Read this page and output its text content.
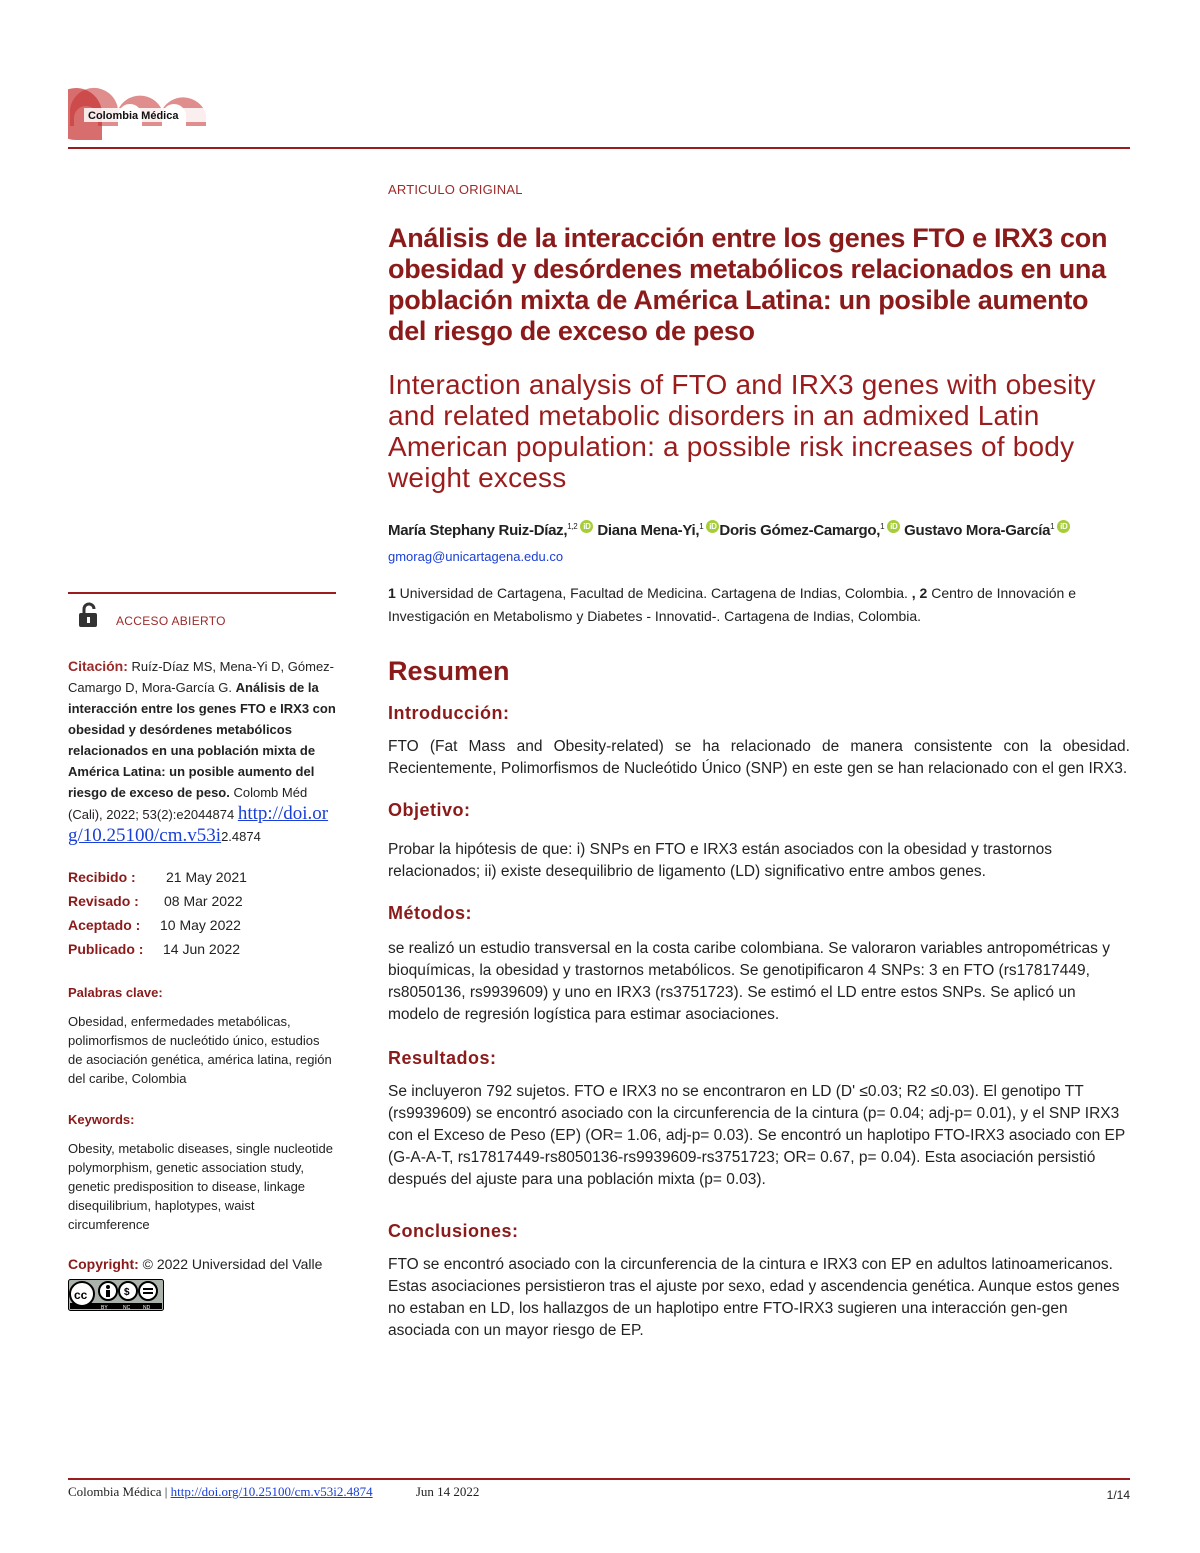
Colombia Médica
ARTICULO ORIGINAL
Análisis de la interacción entre los genes FTO e IRX3 con obesidad y desórdenes metabólicos relacionados en una población mixta de América Latina: un posible aumento del riesgo de exceso de peso
Interaction analysis of FTO and IRX3 genes with obesity and related metabolic disorders in an admixed Latin American population: a possible risk increases of body weight excess
María Stephany Ruiz-Díaz,$^{1,2}$ iD Diana Mena-Yi,$^1$ iD Doris Gómez-Camargo,$^1$ iD Gustavo Mora-García$^1$ iD
gmorag@unicartagena.edu.co
1 Universidad de Cartagena, Facultad de Medicina. Cartagena de Indias, Colombia. , 2 Centro de Innovación e Investigación en Metabolismo y Diabetes - Innovatid-. Cartagena de Indias, Colombia.
Resumen
Introducción:
FTO (Fat Mass and Obesity-related) se ha relacionado de manera consistente con la obesidad. Recientemente, Polimorfismos de Nucleótido Único (SNP) en este gen se han relacionado con el gen IRX3.
Objetivo:
Probar la hipótesis de que: i) SNPs en FTO e IRX3 están asociados con la obesidad y trastornos relacionados; ii) existe desequilibrio de ligamento (LD) significativo entre ambos genes.
Métodos:
se realizó un estudio transversal en la costa caribe colombiana. Se valoraron variables antropométricas y bioquímicas, la obesidad y trastornos metabólicos. Se genotipificaron 4 SNPs: 3 en FTO (rs17817449, rs8050136, rs9939609) y uno en IRX3 (rs3751723). Se estimó el LD entre estos SNPs. Se aplicó un modelo de regresión logística para estimar asociaciones.
Resultados:
Se incluyeron 792 sujetos. FTO e IRX3 no se encontraron en LD (D' ≤0.03; R2 ≤0.03). El genotipo TT (rs9939609) se encontró asociado con la circunferencia de la cintura (p= 0.04; adj-p= 0.01), y el SNP IRX3 con el Exceso de Peso (EP) (OR= 1.06, adj-p= 0.03). Se encontró un haplotipo FTO-IRX3 asociado con EP (G-A-A-T, rs17817449-rs8050136-rs9939609-rs3751723; OR= 0.67, p= 0.04). Esta asociación persistió después del ajuste para una población mixta (p= 0.03).
Conclusiones:
FTO se encontró asociado con la circunferencia de la cintura e IRX3 con EP en adultos latinoamericanos. Estas asociaciones persistieron tras el ajuste por sexo, edad y ascendencia genética. Aunque estos genes no estaban en LD, los hallazgos de un haplotipo entre FTO-IRX3 sugieren una interacción gen-gen asociada con un mayor riesgo de EP.
ACCESO ABIERTO
Citación: Ruíz-Díaz MS, Mena-Yi D, Gómez-Camargo D, Mora-García G. Análisis de la interacción entre los genes FTO e IRX3 con obesidad y desórdenes metabólicos relacionados en una población mixta de América Latina: un posible aumento del riesgo de exceso de peso. Colomb Méd (Cali), 2022; 53(2):e2044874 http://doi.org/10.25100/cm.v53i2.4874
Recibido : 21 May 2021
Revisado : 08 Mar 2022
Aceptado : 10 May 2022
Publicado : 14 Jun 2022
Palabras clave:
Obesidad, enfermedades metabólicas, polimorfismos de nucleótido único, estudios de asociación genética, américa latina, región del caribe, Colombia
Keywords:
Obesity, metabolic diseases, single nucleotide polymorphism, genetic association study, genetic predisposition to disease, linkage disequilibrium, haplotypes, waist circumference
Copyright: © 2022 Universidad del Valle
cc	$
BY	NC	ND
Colombia Médica | http://doi.org/10.25100/cm.v53i2.4874	Jun 14 2022	1/14
